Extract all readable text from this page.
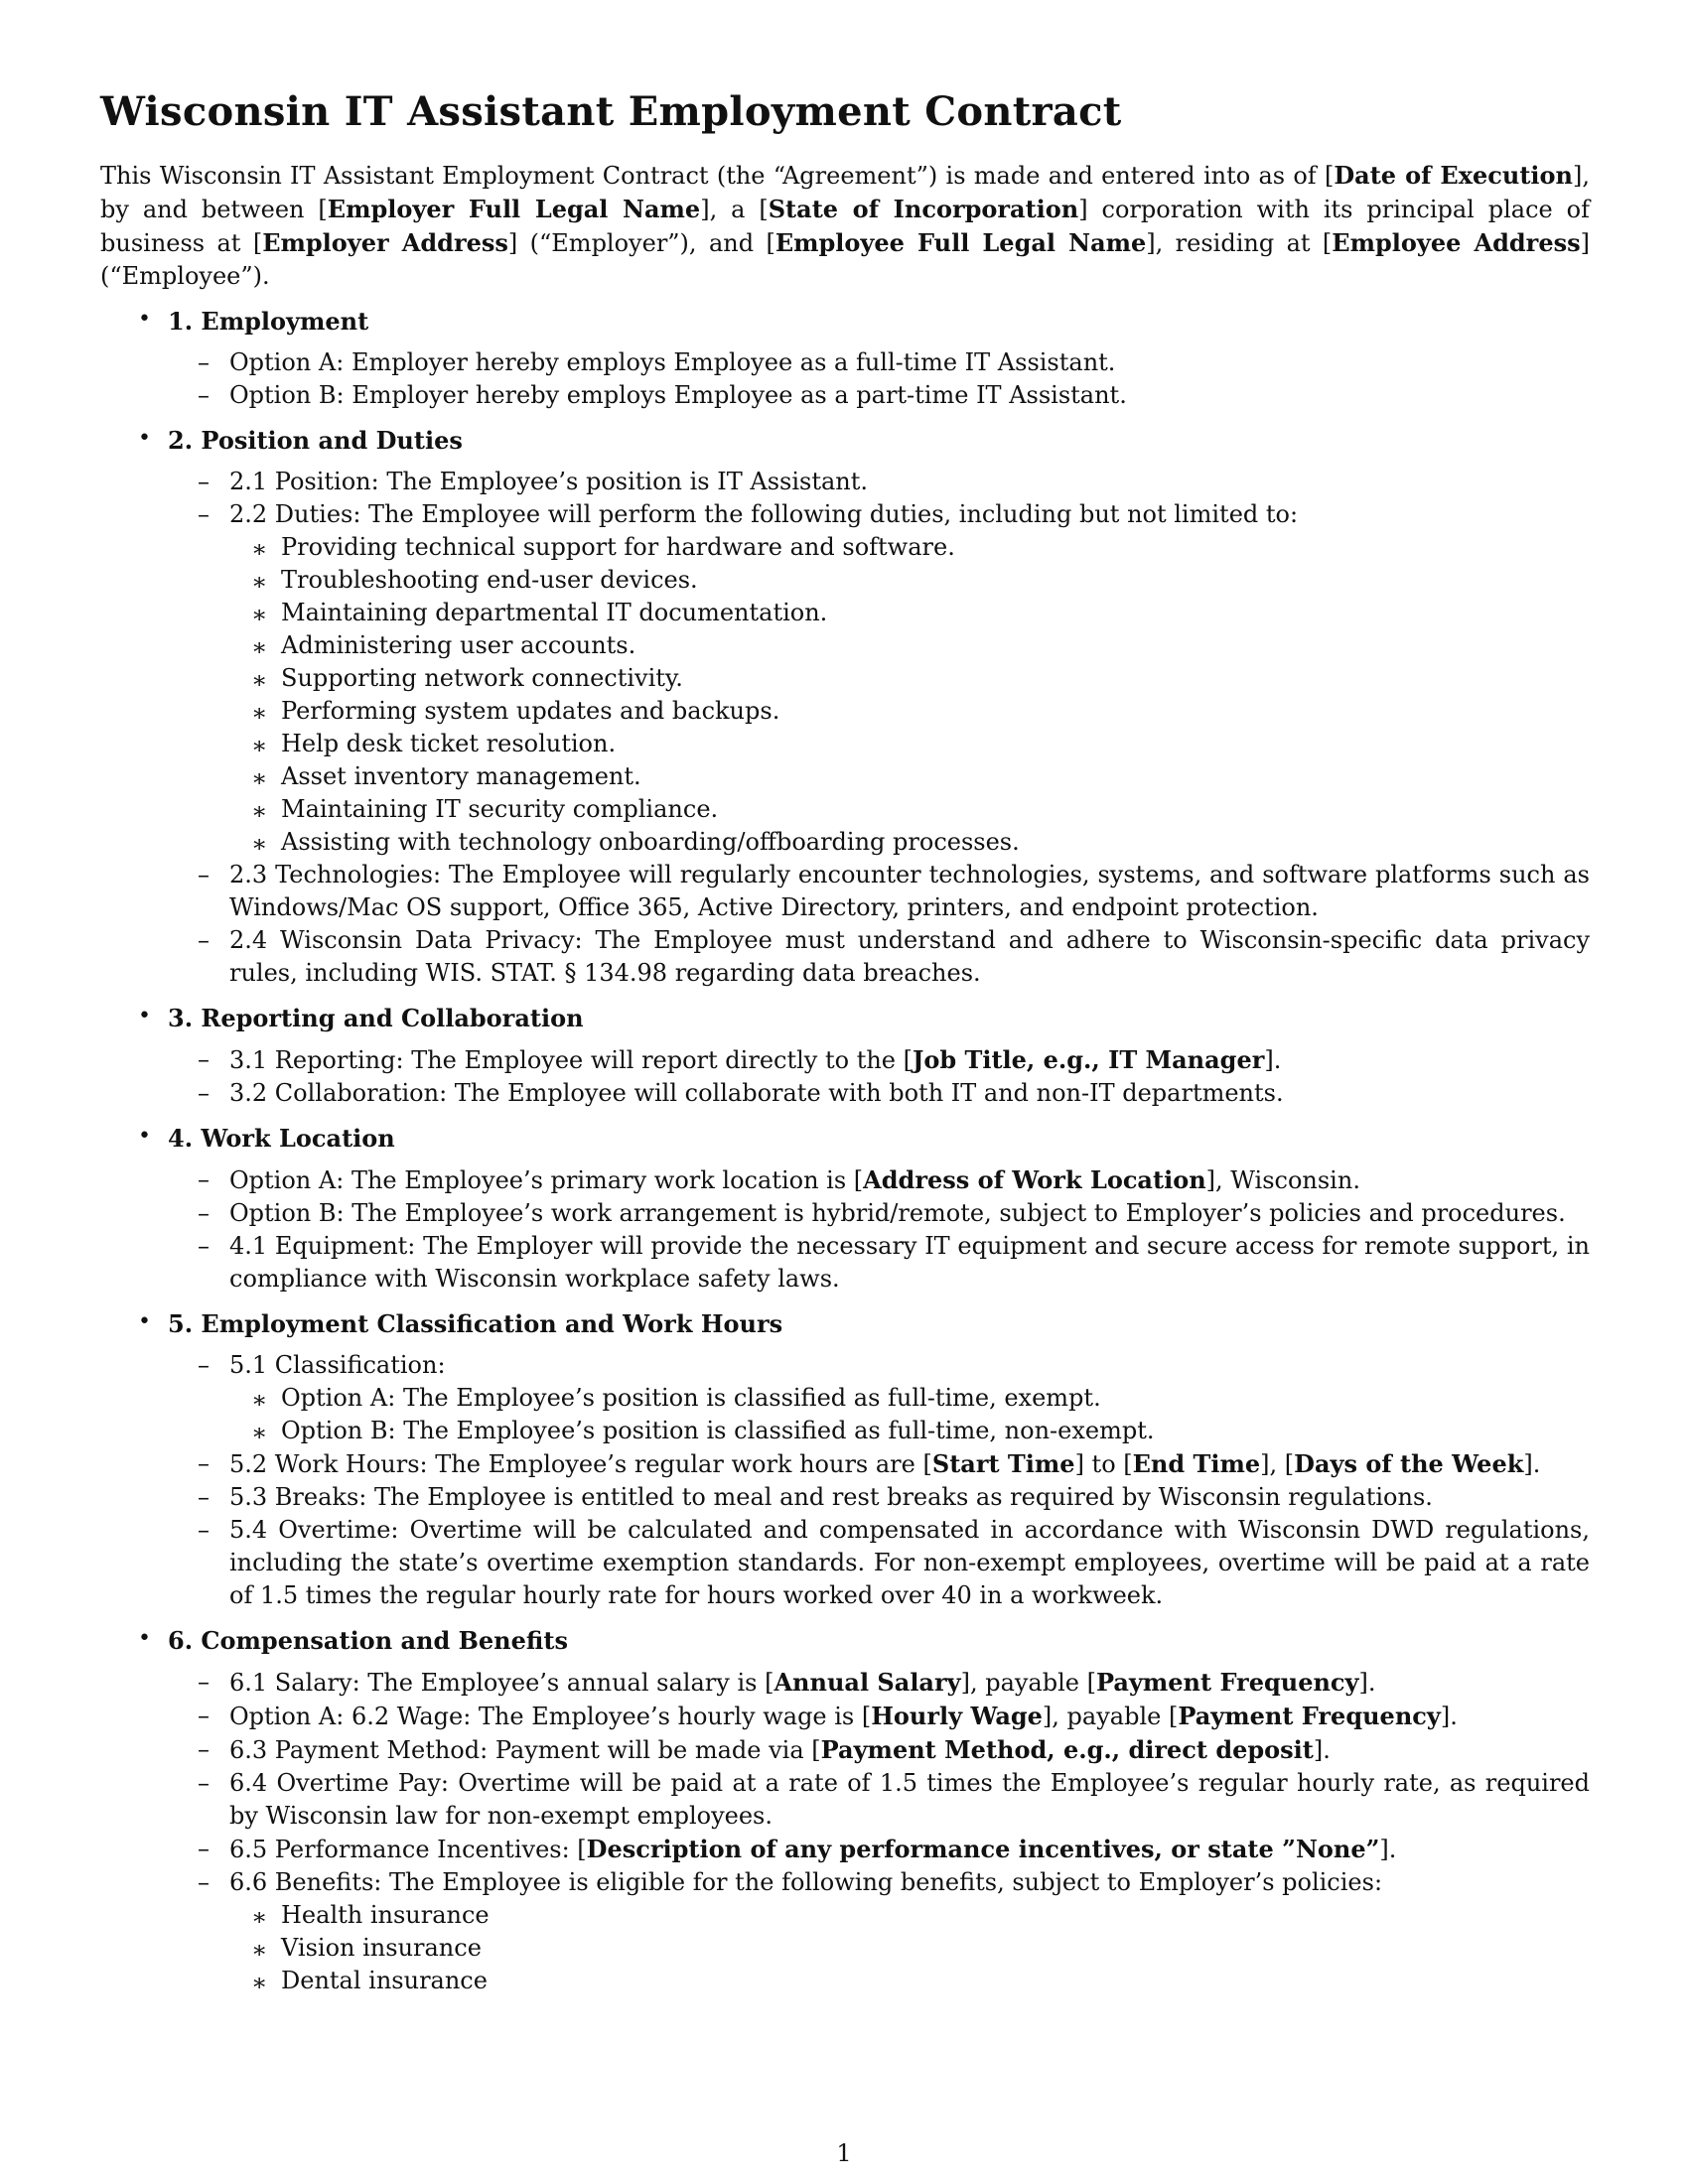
Wisconsin IT Assistant Employment Contract

This Wisconsin IT Assistant Employment Contract (the “Agreement”) is made and entered into as of [Date of Execution], by and between [Employer Full Legal Name], a [State of Incorporation] corporation with its principal place of business at [Employer Address] (“Employer”), and [Employee Full Legal Name], residing at [Employee Address] (“Employee”).

• 1. Employment
– Option A: Employer hereby employs Employee as a full-time IT Assistant.
– Option B: Employer hereby employs Employee as a part-time IT Assistant.
• 2. Position and Duties
– 2.1 Position: The Employee’s position is IT Assistant.
– 2.2 Duties: The Employee will perform the following duties, including but not limited to:
∗ Providing technical support for hardware and software.
∗ Troubleshooting end-user devices.
∗ Maintaining departmental IT documentation.
∗ Administering user accounts.
∗ Supporting network connectivity.
∗ Performing system updates and backups.
∗ Help desk ticket resolution.
∗ Asset inventory management.
∗ Maintaining IT security compliance.
∗ Assisting with technology onboarding/offboarding processes.
– 2.3 Technologies: The Employee will regularly encounter technologies, systems, and software platforms such as Windows/Mac OS support, Office 365, Active Directory, printers, and endpoint protection.
– 2.4 Wisconsin Data Privacy: The Employee must understand and adhere to Wisconsin-specific data privacy rules, including WIS. STAT. § 134.98 regarding data breaches.
• 3. Reporting and Collaboration
– 3.1 Reporting: The Employee will report directly to the [Job Title, e.g., IT Manager].
– 3.2 Collaboration: The Employee will collaborate with both IT and non-IT departments.
• 4. Work Location
– Option A: The Employee’s primary work location is [Address of Work Location], Wisconsin.
– Option B: The Employee’s work arrangement is hybrid/remote, subject to Employer’s policies and procedures.
– 4.1 Equipment: The Employer will provide the necessary IT equipment and secure access for remote support, in compliance with Wisconsin workplace safety laws.
• 5. Employment Classification and Work Hours
– 5.1 Classification:
∗ Option A: The Employee’s position is classified as full-time, exempt.
∗ Option B: The Employee’s position is classified as full-time, non-exempt.
– 5.2 Work Hours: The Employee’s regular work hours are [Start Time] to [End Time], [Days of the Week].
– 5.3 Breaks: The Employee is entitled to meal and rest breaks as required by Wisconsin regulations.
– 5.4 Overtime: Overtime will be calculated and compensated in accordance with Wisconsin DWD regulations, including the state’s overtime exemption standards. For non-exempt employees, overtime will be paid at a rate of 1.5 times the regular hourly rate for hours worked over 40 in a workweek.
• 6. Compensation and Benefits
– 6.1 Salary: The Employee’s annual salary is [Annual Salary], payable [Payment Frequency].
– Option A: 6.2 Wage: The Employee’s hourly wage is [Hourly Wage], payable [Payment Frequency].
– 6.3 Payment Method: Payment will be made via [Payment Method, e.g., direct deposit].
– 6.4 Overtime Pay: Overtime will be paid at a rate of 1.5 times the Employee’s regular hourly rate, as required by Wisconsin law for non-exempt employees.
– 6.5 Performance Incentives: [Description of any performance incentives, or state ”None”].
– 6.6 Benefits: The Employee is eligible for the following benefits, subject to Employer’s policies:
∗ Health insurance
∗ Vision insurance
∗ Dental insurance
1
